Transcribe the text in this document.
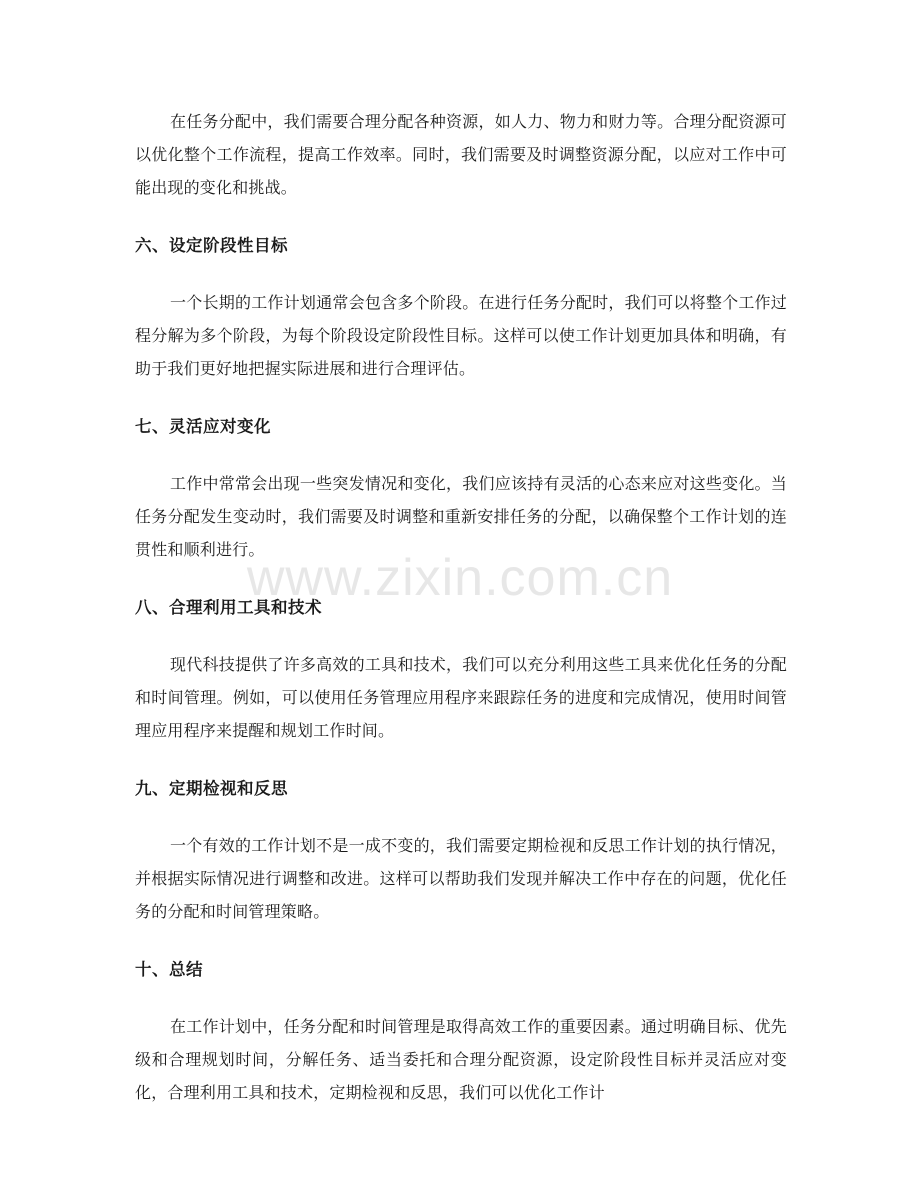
在任务分配中，我们需要合理分配各种资源，如人力、物力和财力等。合理分配资源可以优化整个工作流程，提高工作效率。同时，我们需要及时调整资源分配，以应对工作中可能出现的变化和挑战。

六、设定阶段性目标

一个长期的工作计划通常会包含多个阶段。在进行任务分配时，我们可以将整个工作过程分解为多个阶段，为每个阶段设定阶段性目标。这样可以使工作计划更加具体和明确，有助于我们更好地把握实际进展和进行合理评估。

七、灵活应对变化

工作中常常会出现一些突发情况和变化，我们应该持有灵活的心态来应对这些变化。当任务分配发生变动时，我们需要及时调整和重新安排任务的分配，以确保整个工作计划的连贯性和顺利进行。

八、合理利用工具和技术

现代科技提供了许多高效的工具和技术，我们可以充分利用这些工具来优化任务的分配和时间管理。例如，可以使用任务管理应用程序来跟踪任务的进度和完成情况，使用时间管理应用程序来提醒和规划工作时间。

九、定期检视和反思

一个有效的工作计划不是一成不变的，我们需要定期检视和反思工作计划的执行情况，并根据实际情况进行调整和改进。这样可以帮助我们发现并解决工作中存在的问题，优化任务的分配和时间管理策略。

十、总结

在工作计划中，任务分配和时间管理是取得高效工作的重要因素。通过明确目标、优先级和合理规划时间，分解任务、适当委托和合理分配资源，设定阶段性目标并灵活应对变化，合理利用工具和技术，定期检视和反思，我们可以优化工作计

www.zixin.com.cn
